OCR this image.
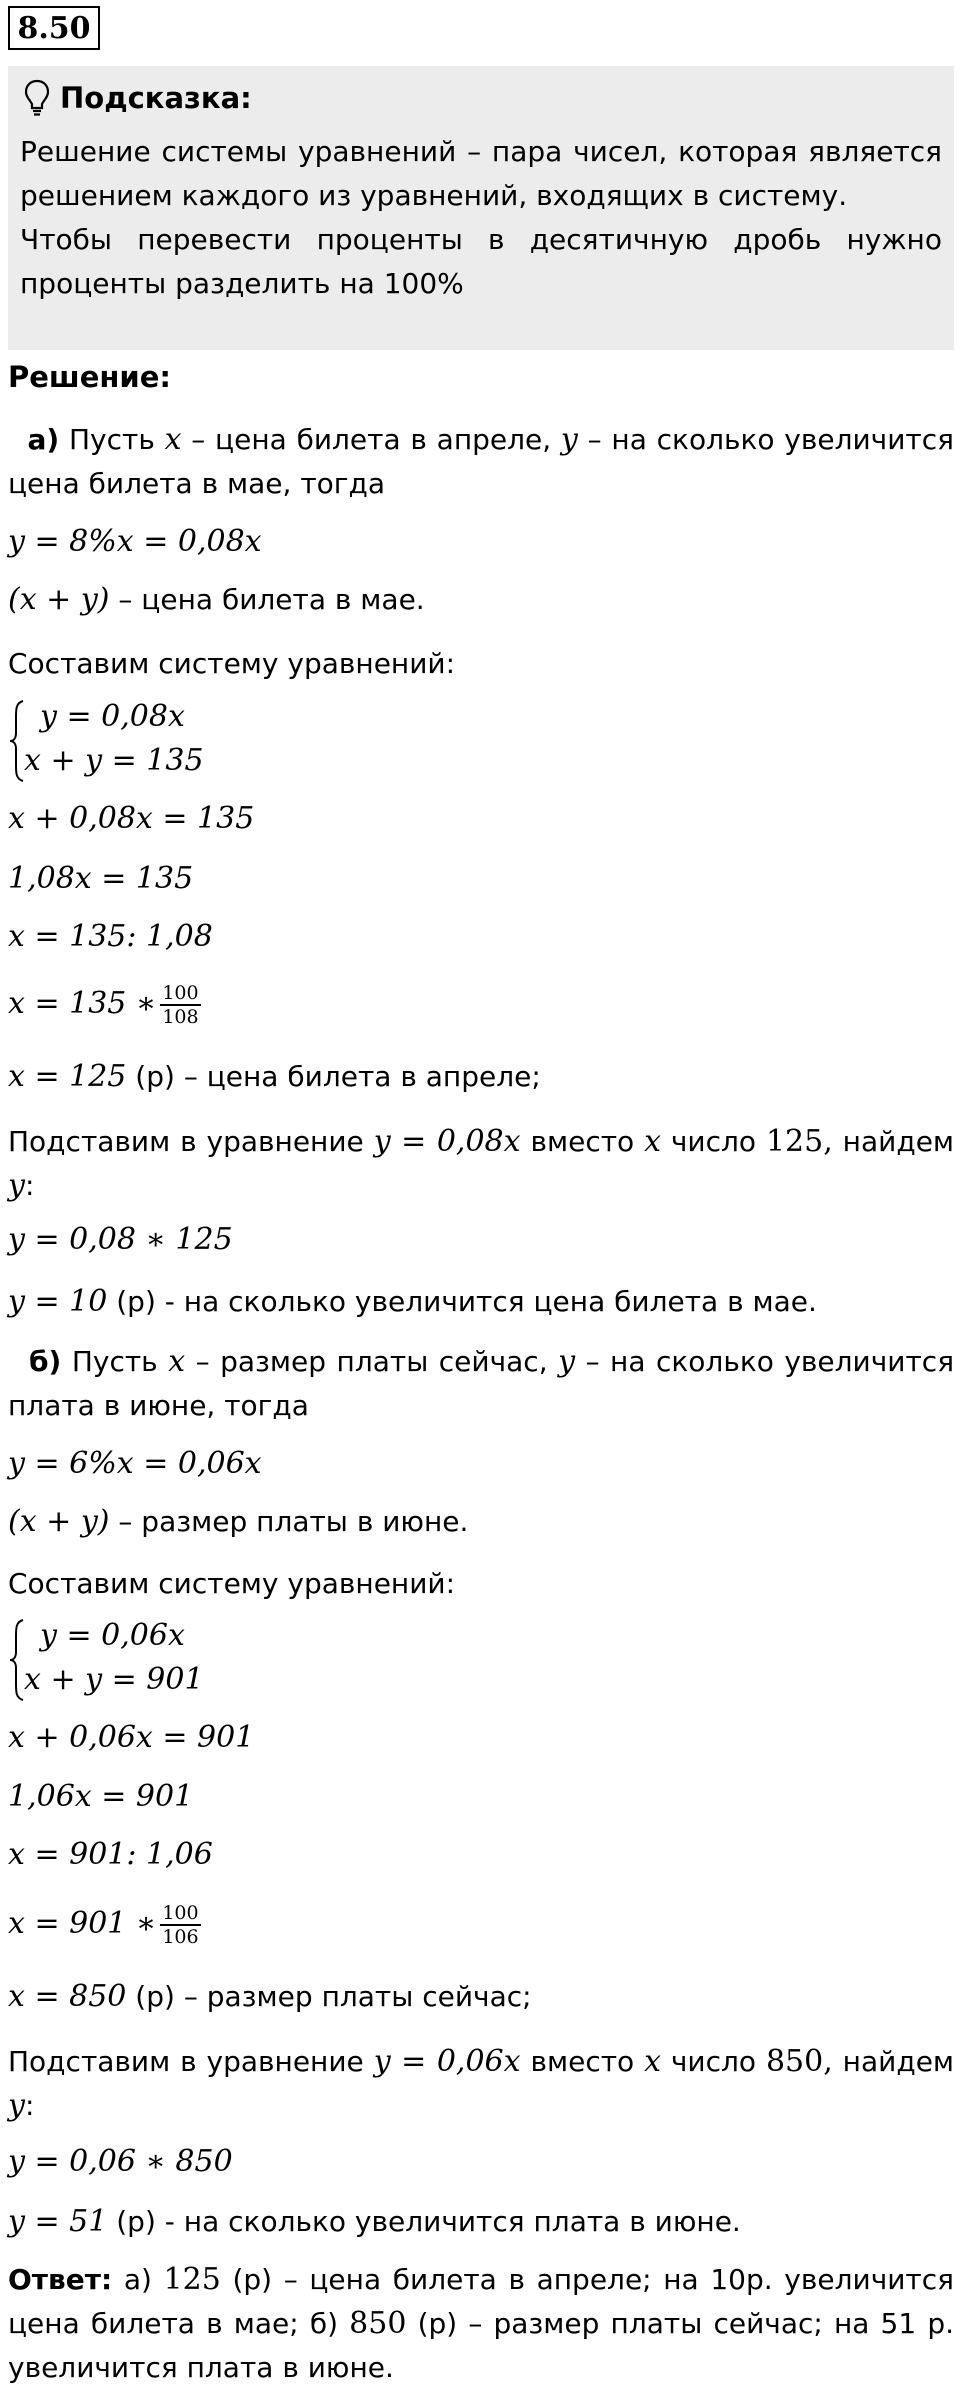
8.50
Подсказка:

Решение системы уравнений – пара чисел, которая является решением каждого из уравнений, входящих в систему.

Чтобы перевести проценты в десятичную дробь нужно проценты разделить на 100%

Решение:
а) Пусть x – цена билета в апреле, y – на сколько увеличится цена билета в мае, тогда
y = 8%x = 0,08x
(x + y) – цена билета в мае.
Составим систему уравнений:
y = 0,08x
x + y = 135
x + 0,08x = 135
1,08x = 135
x = 135: 1,08
x = 135 ∗ $\frac{100}{108}$
x = 125 (р) – цена билета в апреле;
Подставим в уравнение y = 0,08x вместо x число 125, найдем y:
y = 0,08 ∗ 125
y = 10 (р) - на сколько увеличится цена билета в мае.
б) Пусть x – размер платы сейчас, y – на сколько увеличится плата в июне, тогда
y = 6%x = 0,06x
(x + y) – размер платы в июне.
Составим систему уравнений:
y = 0,06x
x + y = 901
x + 0,06x = 901
1,06x = 901
x = 901: 1,06
x = 901 ∗ $\frac{100}{106}$
x = 850 (р) – размер платы сейчас;
Подставим в уравнение y = 0,06x вместо x число 850, найдем y:
y = 0,06 ∗ 850
y = 51 (р) - на сколько увеличится плата в июне.
Ответ: а) 125 (р) – цена билета в апреле; на 10р. увеличится цена билета в мае; б) 850 (р) – размер платы сейчас; на 51 р. увеличится плата в июне.
